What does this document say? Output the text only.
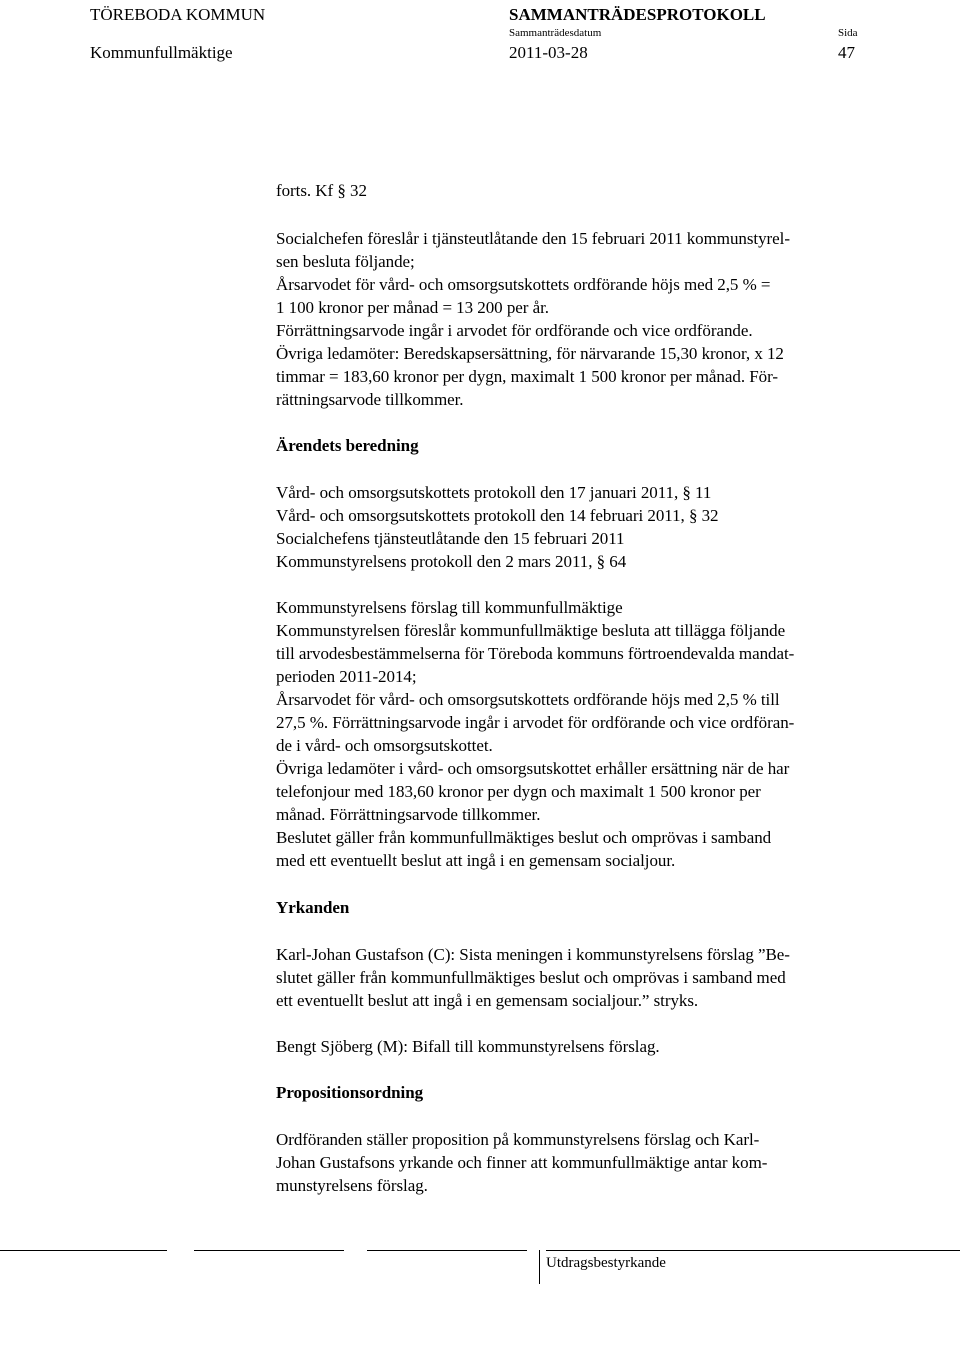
TÖREBODA KOMMUN	SAMMANTRÄDESPROTOKOLL
Kommunfullmäktige
Sammanträdesdatum
2011-03-28
Sida
47
forts. Kf § 32
Socialchefen föreslår i tjänsteutlåtande den 15 februari 2011 kommunstyrel-
sen besluta följande;
Årsarvodet för vård- och omsorgsutskottets ordförande höjs med 2,5 % =
1 100 kronor per månad = 13 200 per år.
Förrättningsarvode ingår i arvodet för ordförande och vice ordförande.
Övriga ledamöter: Beredskapsersättning, för närvarande 15,30 kronor, x 12
timmar = 183,60 kronor per dygn, maximalt 1 500 kronor per månad. För-
rättningsarvode tillkommer.
Ärendets beredning
Vård- och omsorgsutskottets protokoll den 17 januari 2011, § 11
Vård- och omsorgsutskottets protokoll den 14 februari 2011, § 32
Socialchefens tjänsteutlåtande den 15 februari 2011
Kommunstyrelsens protokoll den 2 mars 2011, § 64
Kommunstyrelsens förslag till kommunfullmäktige
Kommunstyrelsen föreslår kommunfullmäktige besluta att tillägga följande
till arvodesbestämmelserna för Töreboda kommuns förtroendevalda mandat-
perioden 2011-2014;
Årsarvodet för vård- och omsorgsutskottets ordförande höjs med 2,5 % till
27,5 %. Förrättningsarvode ingår i arvodet för ordförande och vice ordföran-
de i vård- och omsorgsutskottet.
Övriga ledamöter i vård- och omsorgsutskottet erhåller ersättning när de har
telefonjour med 183,60 kronor per dygn och maximalt 1 500 kronor per
månad. Förrättningsarvode tillkommer.
Beslutet gäller från kommunfullmäktiges beslut och omprövas i samband
med ett eventuellt beslut att ingå i en gemensam socialjour.
Yrkanden
Karl-Johan Gustafson (C): Sista meningen i kommunstyrelsens förslag ”Be-
slutet gäller från kommunfullmäktiges beslut och omprövas i samband med
ett eventuellt beslut att ingå i en gemensam socialjour.” stryks.
Bengt Sjöberg (M): Bifall till kommunstyrelsens förslag.
Propositionsordning
Ordföranden ställer proposition på kommunstyrelsens förslag och Karl-
Johan Gustafsons yrkande och finner att kommunfullmäktige antar kom-
munstyrelsens förslag.
Utdragsbestyrkande
